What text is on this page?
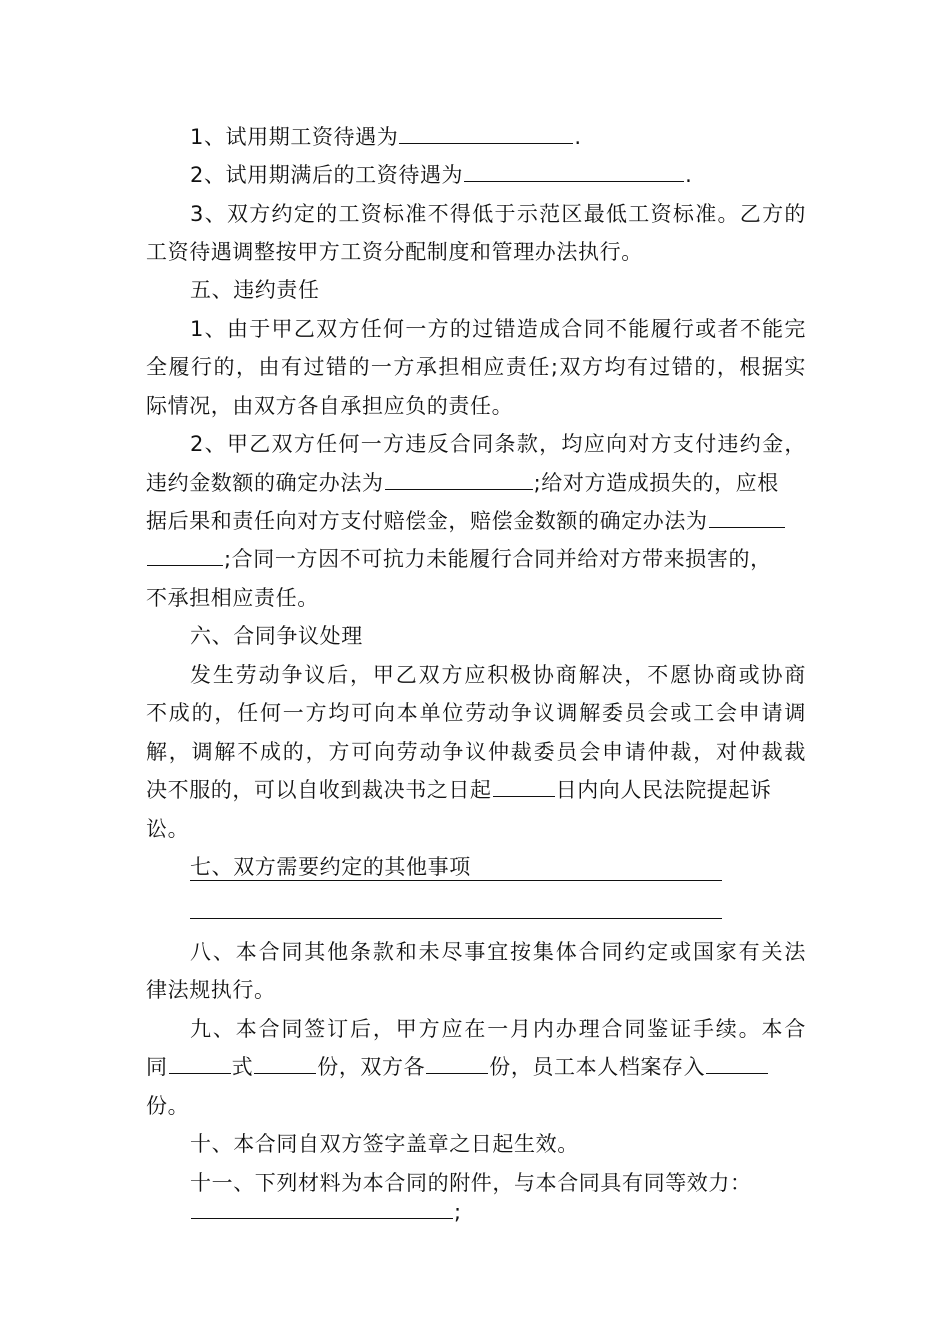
1、试用期工资待遇为	.
2、试用期满后的工资待遇为	.
3、双方约定的工资标准不得低于示范区最低工资标准。乙方的
工资待遇调整按甲方工资分配制度和管理办法执行。
五、违约责任
1、由于甲乙双方任何一方的过错造成合同不能履行或者不能完
全履行的，由有过错的一方承担相应责任;双方均有过错的，根据实
际情况，由双方各自承担应负的责任。
2、甲乙双方任何一方违反合同条款，均应向对方支付违约金，
违约金数额的确定办法为	;给对方造成损失的，应根
据后果和责任向对方支付赔偿金，赔偿金数额的确定办法为
;合同一方因不可抗力未能履行合同并给对方带来损害的，
不承担相应责任。
六、合同争议处理
发生劳动争议后，甲乙双方应积极协商解决，不愿协商或协商
不成的，任何一方均可向本单位劳动争议调解委员会或工会申请调
解，调解不成的，方可向劳动争议仲裁委员会申请仲裁，对仲裁裁
决不服的，可以自收到裁决书之日起	日内向人民法院提起诉
讼。
七、双方需要约定的其他事项
八、本合同其他条款和未尽事宜按集体合同约定或国家有关法
律法规执行。
九、本合同签订后，甲方应在一月内办理合同鉴证手续。本合
同	式	份，双方各	份，员工本人档案存入
份。
十、本合同自双方签字盖章之日起生效。
十一、下列材料为本合同的附件，与本合同具有同等效力：
;
